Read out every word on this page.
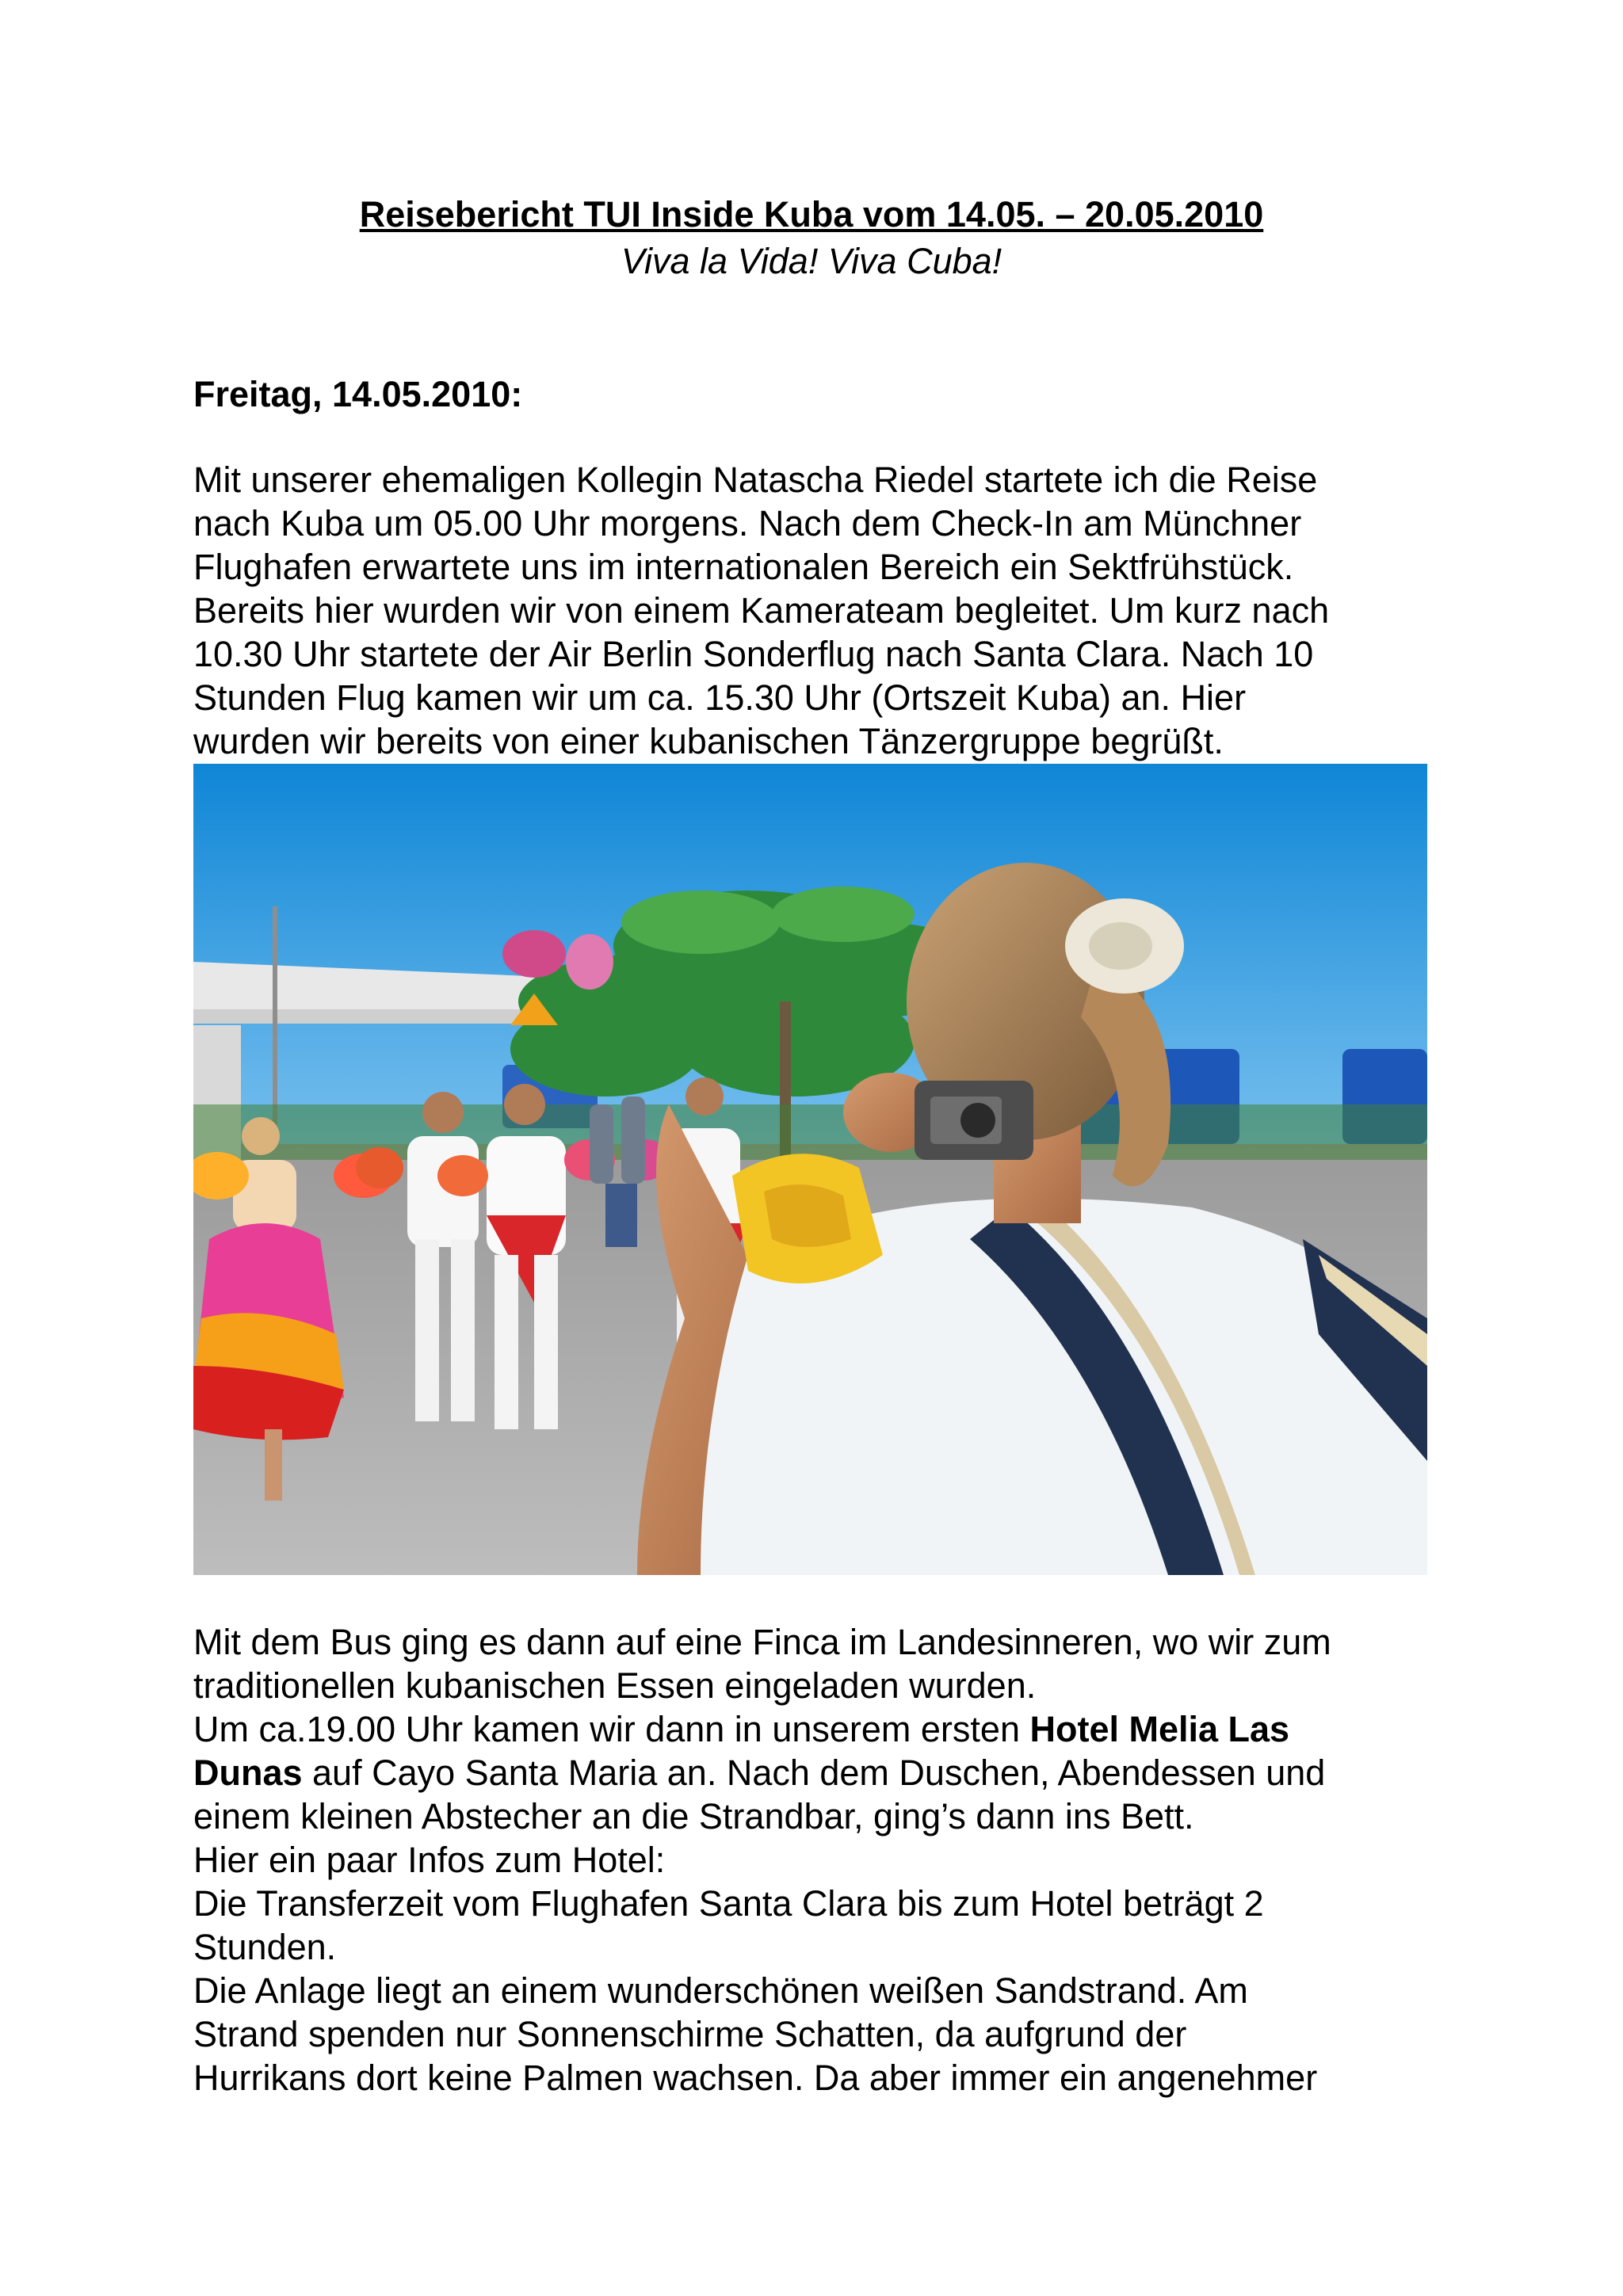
Reisebericht TUI Inside Kuba vom 14.05. – 20.05.2010
Viva la Vida! Viva Cuba!
Freitag, 14.05.2010:

Mit unserer ehemaligen Kollegin Natascha Riedel startete ich die Reise

nach Kuba um 05.00 Uhr morgens. Nach dem Check-In am Münchner

Flughafen erwartete uns im internationalen Bereich ein Sektfrühstück.

Bereits hier wurden wir von einem Kamerateam begleitet. Um kurz nach

10.30 Uhr startete der Air Berlin Sonderflug nach Santa Clara. Nach 10

Stunden Flug kamen wir um ca. 15.30 Uhr (Ortszeit Kuba) an. Hier

wurden wir bereits von einer kubanischen Tänzergruppe begrüßt.

Mit dem Bus ging es dann auf eine Finca im Landesinneren, wo wir zum

traditionellen kubanischen Essen eingeladen wurden.

Um ca.19.00 Uhr kamen wir dann in unserem ersten Hotel Melia Las

Dunas auf Cayo Santa Maria an. Nach dem Duschen, Abendessen und

einem kleinen Abstecher an die Strandbar, ging’s dann ins Bett.

Hier ein paar Infos zum Hotel:

Die Transferzeit vom Flughafen Santa Clara bis zum Hotel beträgt 2

Stunden.

Die Anlage liegt an einem wunderschönen weißen Sandstrand. Am

Strand spenden nur Sonnenschirme Schatten, da aufgrund der

Hurrikans dort keine Palmen wachsen. Da aber immer ein angenehmer
